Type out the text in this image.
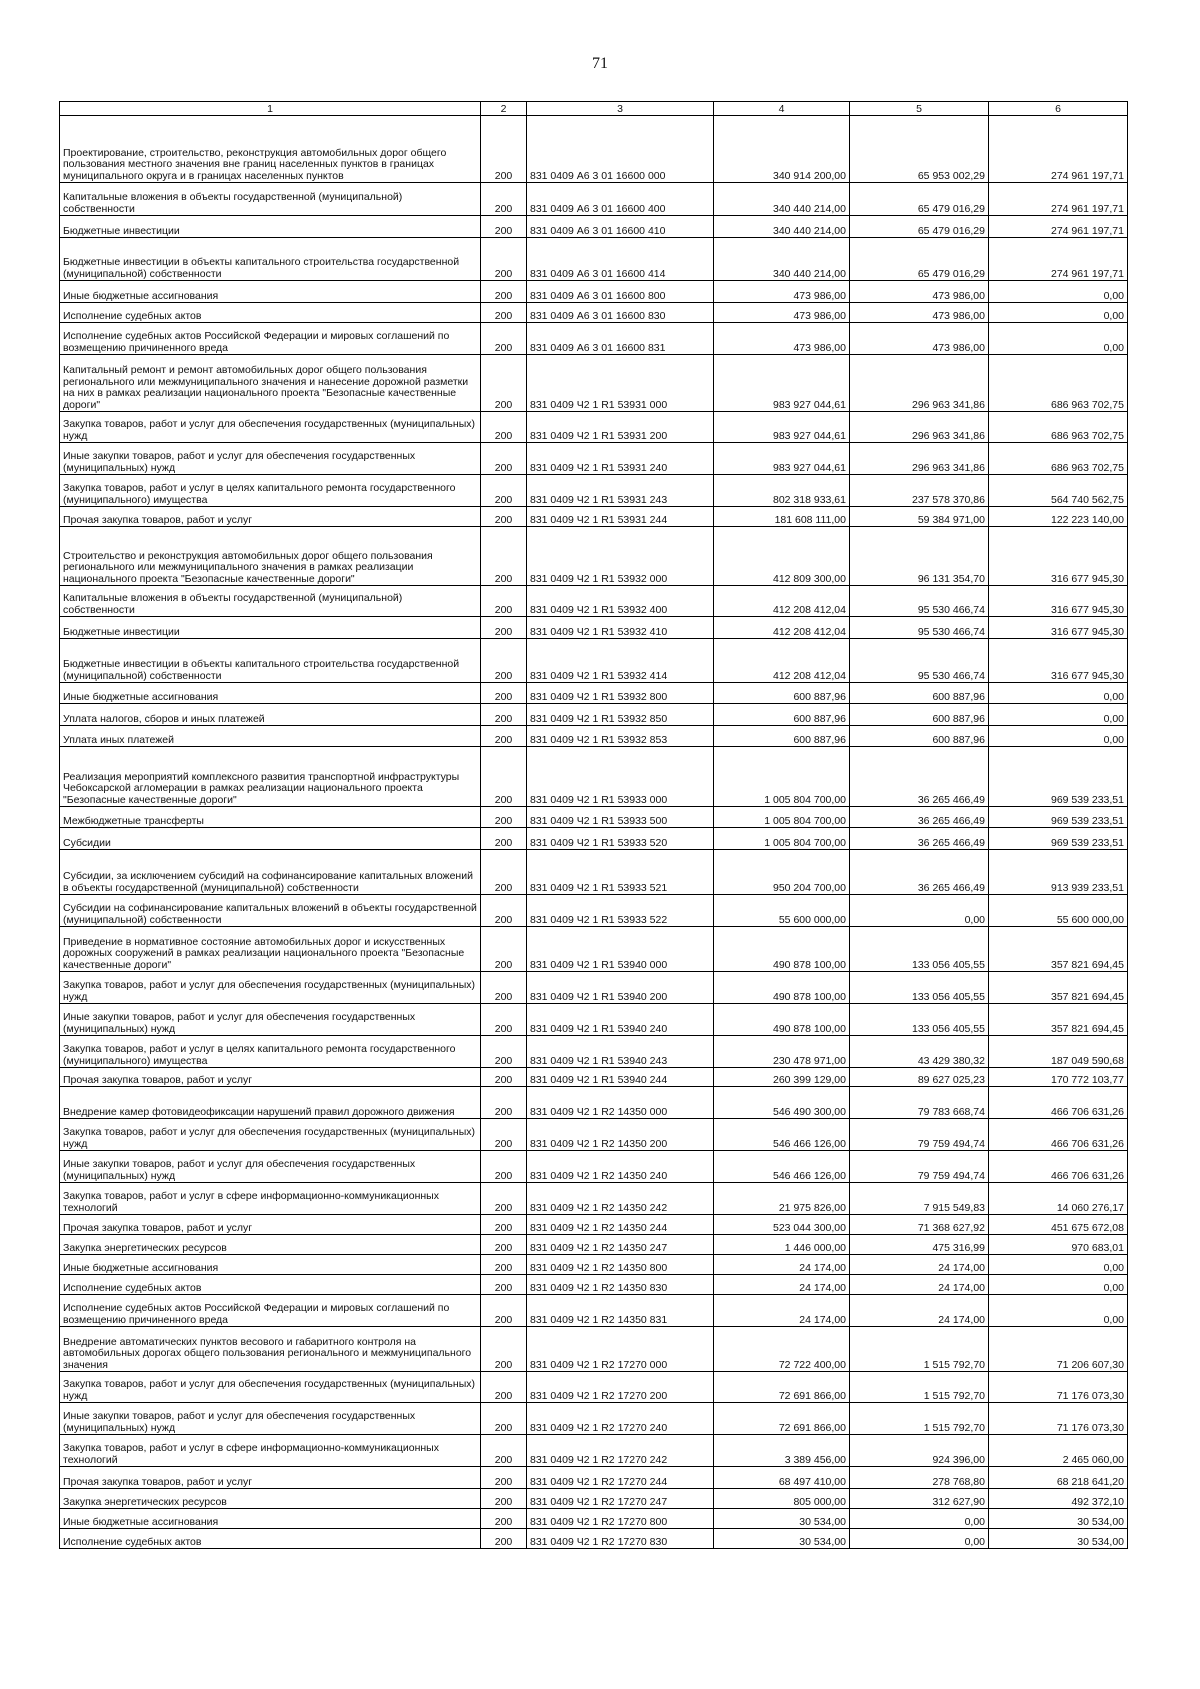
71
1	2	3	4	5	6
Проектирование, строительство, реконструкция автомобильных дорог общего пользования местного значения вне границ населенных пунктов в границах муниципального округа и в границах населенных пунктов	200	831 0409 А6 3 01 16600 000	340 914 200,00	65 953 002,29	274 961 197,71
Капитальные вложения в объекты государственной (муниципальной) собственности	200	831 0409 А6 3 01 16600 400	340 440 214,00	65 479 016,29	274 961 197,71
Бюджетные инвестиции	200	831 0409 А6 3 01 16600 410	340 440 214,00	65 479 016,29	274 961 197,71
Бюджетные инвестиции в объекты капитального строительства государственной (муниципальной) собственности	200	831 0409 А6 3 01 16600 414	340 440 214,00	65 479 016,29	274 961 197,71
Иные бюджетные ассигнования	200	831 0409 А6 3 01 16600 800	473 986,00	473 986,00	0,00
Исполнение судебных актов	200	831 0409 А6 3 01 16600 830	473 986,00	473 986,00	0,00
Исполнение судебных актов Российской Федерации и мировых соглашений по возмещению причиненного вреда	200	831 0409 А6 3 01 16600 831	473 986,00	473 986,00	0,00
Капитальный ремонт и ремонт автомобильных дорог общего пользования регионального или межмуниципального значения и нанесение дорожной разметки на них в рамках реализации национального проекта "Безопасные качественные дороги"	200	831 0409 Ч2 1 R1 53931 000	983 927 044,61	296 963 341,86	686 963 702,75
Закупка товаров, работ и услуг для обеспечения государственных (муниципальных) нужд	200	831 0409 Ч2 1 R1 53931 200	983 927 044,61	296 963 341,86	686 963 702,75
Иные закупки товаров, работ и услуг для обеспечения государственных (муниципальных) нужд	200	831 0409 Ч2 1 R1 53931 240	983 927 044,61	296 963 341,86	686 963 702,75
Закупка товаров, работ и услуг в целях капитального ремонта государственного (муниципального) имущества	200	831 0409 Ч2 1 R1 53931 243	802 318 933,61	237 578 370,86	564 740 562,75
Прочая закупка товаров, работ и услуг	200	831 0409 Ч2 1 R1 53931 244	181 608 111,00	59 384 971,00	122 223 140,00
Строительство и реконструкция автомобильных дорог общего пользования регионального или межмуниципального значения в рамках реализации национального проекта "Безопасные качественные дороги"	200	831 0409 Ч2 1 R1 53932 000	412 809 300,00	96 131 354,70	316 677 945,30
Капитальные вложения в объекты государственной (муниципальной) собственности	200	831 0409 Ч2 1 R1 53932 400	412 208 412,04	95 530 466,74	316 677 945,30
Бюджетные инвестиции	200	831 0409 Ч2 1 R1 53932 410	412 208 412,04	95 530 466,74	316 677 945,30
Бюджетные инвестиции в объекты капитального строительства государственной (муниципальной) собственности	200	831 0409 Ч2 1 R1 53932 414	412 208 412,04	95 530 466,74	316 677 945,30
Иные бюджетные ассигнования	200	831 0409 Ч2 1 R1 53932 800	600 887,96	600 887,96	0,00
Уплата налогов, сборов и иных платежей	200	831 0409 Ч2 1 R1 53932 850	600 887,96	600 887,96	0,00
Уплата иных платежей	200	831 0409 Ч2 1 R1 53932 853	600 887,96	600 887,96	0,00
Реализация мероприятий комплексного развития транспортной инфраструктуры Чебоксарской агломерации в рамках реализации национального проекта "Безопасные качественные дороги"	200	831 0409 Ч2 1 R1 53933 000	1 005 804 700,00	36 265 466,49	969 539 233,51
Межбюджетные трансферты	200	831 0409 Ч2 1 R1 53933 500	1 005 804 700,00	36 265 466,49	969 539 233,51
Субсидии	200	831 0409 Ч2 1 R1 53933 520	1 005 804 700,00	36 265 466,49	969 539 233,51
Субсидии, за исключением субсидий на софинансирование капитальных вложений в объекты государственной (муниципальной) собственности	200	831 0409 Ч2 1 R1 53933 521	950 204 700,00	36 265 466,49	913 939 233,51
Субсидии на софинансирование капитальных вложений в объекты государственной (муниципальной) собственности	200	831 0409 Ч2 1 R1 53933 522	55 600 000,00	0,00	55 600 000,00
Приведение в нормативное состояние автомобильных дорог и искусственных дорожных сооружений в рамках реализации национального проекта "Безопасные качественные дороги"	200	831 0409 Ч2 1 R1 53940 000	490 878 100,00	133 056 405,55	357 821 694,45
Закупка товаров, работ и услуг для обеспечения государственных (муниципальных) нужд	200	831 0409 Ч2 1 R1 53940 200	490 878 100,00	133 056 405,55	357 821 694,45
Иные закупки товаров, работ и услуг для обеспечения государственных (муниципальных) нужд	200	831 0409 Ч2 1 R1 53940 240	490 878 100,00	133 056 405,55	357 821 694,45
Закупка товаров, работ и услуг в целях капитального ремонта государственного (муниципального) имущества	200	831 0409 Ч2 1 R1 53940 243	230 478 971,00	43 429 380,32	187 049 590,68
Прочая закупка товаров, работ и услуг	200	831 0409 Ч2 1 R1 53940 244	260 399 129,00	89 627 025,23	170 772 103,77
Внедрение камер фотовидеофиксации нарушений правил дорожного движения	200	831 0409 Ч2 1 R2 14350 000	546 490 300,00	79 783 668,74	466 706 631,26
Закупка товаров, работ и услуг для обеспечения государственных (муниципальных) нужд	200	831 0409 Ч2 1 R2 14350 200	546 466 126,00	79 759 494,74	466 706 631,26
Иные закупки товаров, работ и услуг для обеспечения государственных (муниципальных) нужд	200	831 0409 Ч2 1 R2 14350 240	546 466 126,00	79 759 494,74	466 706 631,26
Закупка товаров, работ и услуг в сфере информационно-коммуникационных технологий	200	831 0409 Ч2 1 R2 14350 242	21 975 826,00	7 915 549,83	14 060 276,17
Прочая закупка товаров, работ и услуг	200	831 0409 Ч2 1 R2 14350 244	523 044 300,00	71 368 627,92	451 675 672,08
Закупка энергетических ресурсов	200	831 0409 Ч2 1 R2 14350 247	1 446 000,00	475 316,99	970 683,01
Иные бюджетные ассигнования	200	831 0409 Ч2 1 R2 14350 800	24 174,00	24 174,00	0,00
Исполнение судебных актов	200	831 0409 Ч2 1 R2 14350 830	24 174,00	24 174,00	0,00
Исполнение судебных актов Российской Федерации и мировых соглашений по возмещению причиненного вреда	200	831 0409 Ч2 1 R2 14350 831	24 174,00	24 174,00	0,00
Внедрение автоматических пунктов весового и габаритного контроля на автомобильных дорогах общего пользования регионального и межмуниципального значения	200	831 0409 Ч2 1 R2 17270 000	72 722 400,00	1 515 792,70	71 206 607,30
Закупка товаров, работ и услуг для обеспечения государственных (муниципальных) нужд	200	831 0409 Ч2 1 R2 17270 200	72 691 866,00	1 515 792,70	71 176 073,30
Иные закупки товаров, работ и услуг для обеспечения государственных (муниципальных) нужд	200	831 0409 Ч2 1 R2 17270 240	72 691 866,00	1 515 792,70	71 176 073,30
Закупка товаров, работ и услуг в сфере информационно-коммуникационных технологий	200	831 0409 Ч2 1 R2 17270 242	3 389 456,00	924 396,00	2 465 060,00
Прочая закупка товаров, работ и услуг	200	831 0409 Ч2 1 R2 17270 244	68 497 410,00	278 768,80	68 218 641,20
Закупка энергетических ресурсов	200	831 0409 Ч2 1 R2 17270 247	805 000,00	312 627,90	492 372,10
Иные бюджетные ассигнования	200	831 0409 Ч2 1 R2 17270 800	30 534,00	0,00	30 534,00
Исполнение судебных актов	200	831 0409 Ч2 1 R2 17270 830	30 534,00	0,00	30 534,00
